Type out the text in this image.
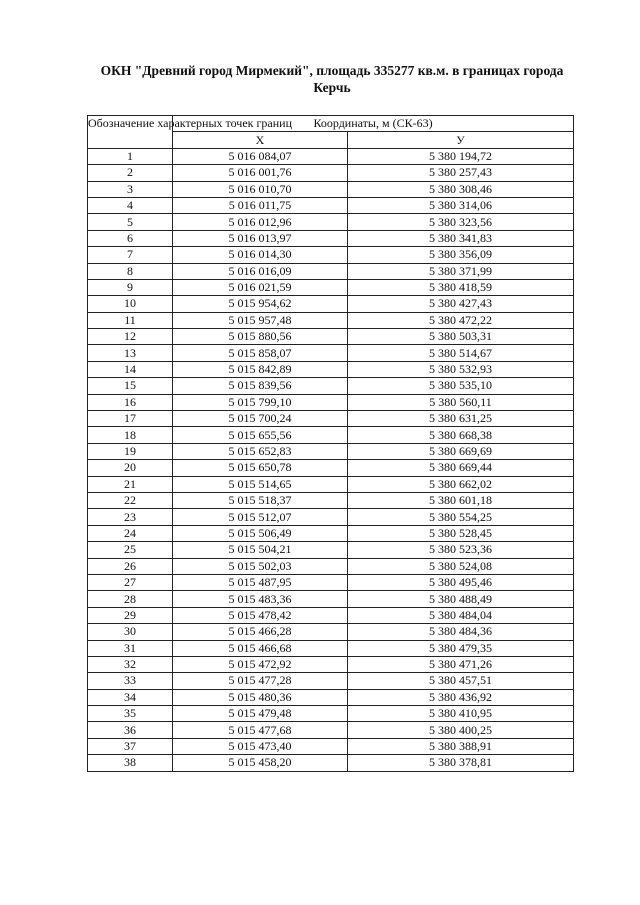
ОКН "Древний город Мирмекий", площадь 335277 кв.м. в границах города
Керчь
Обозначение характерных точек границ	Координаты, м (СК-63)	
	Х	У
1	5 016 084,07	5 380 194,72
2	5 016 001,76	5 380 257,43
3	5 016 010,70	5 380 308,46
4	5 016 011,75	5 380 314,06
5	5 016 012,96	5 380 323,56
6	5 016 013,97	5 380 341,83
7	5 016 014,30	5 380 356,09
8	5 016 016,09	5 380 371,99
9	5 016 021,59	5 380 418,59
10	5 015 954,62	5 380 427,43
11	5 015 957,48	5 380 472,22
12	5 015 880,56	5 380 503,31
13	5 015 858,07	5 380 514,67
14	5 015 842,89	5 380 532,93
15	5 015 839,56	5 380 535,10
16	5 015 799,10	5 380 560,11
17	5 015 700,24	5 380 631,25
18	5 015 655,56	5 380 668,38
19	5 015 652,83	5 380 669,69
20	5 015 650,78	5 380 669,44
21	5 015 514,65	5 380 662,02
22	5 015 518,37	5 380 601,18
23	5 015 512,07	5 380 554,25
24	5 015 506,49	5 380 528,45
25	5 015 504,21	5 380 523,36
26	5 015 502,03	5 380 524,08
27	5 015 487,95	5 380 495,46
28	5 015 483,36	5 380 488,49
29	5 015 478,42	5 380 484,04
30	5 015 466,28	5 380 484,36
31	5 015 466,68	5 380 479,35
32	5 015 472,92	5 380 471,26
33	5 015 477,28	5 380 457,51
34	5 015 480,36	5 380 436,92
35	5 015 479,48	5 380 410,95
36	5 015 477,68	5 380 400,25
37	5 015 473,40	5 380 388,91
38	5 015 458,20	5 380 378,81
